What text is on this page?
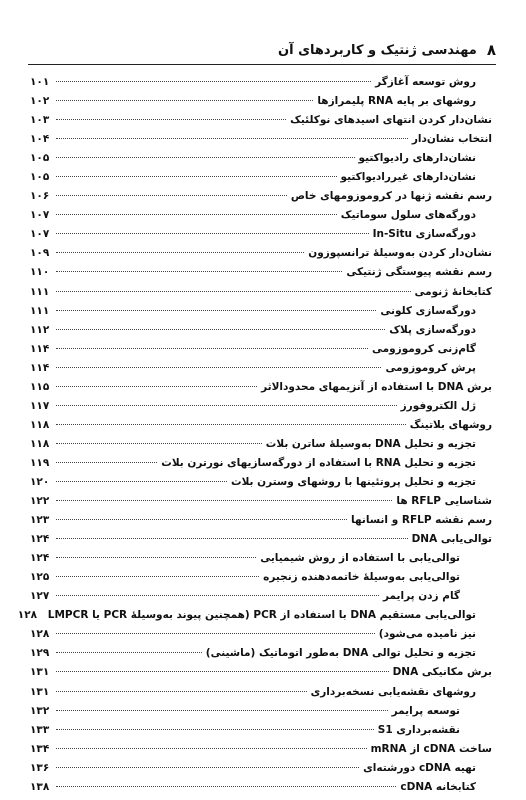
۸
مهندسی ژنتیک و کاربردهای آن
روش توسعه آغازگر
۱۰۱
روشهای بر پایه RNA پلیمرازها
۱۰۲
نشان‌دار کردن انتهای اسیدهای نوکلئیک
۱۰۳
انتخاب نشان‌دار
۱۰۴
نشان‌دارهای رادیواکتیو
۱۰۵
نشان‌دارهای غیررادیواکتیو
۱۰۵
رسم نقشه ژنها در کروموزومهای خاص
۱۰۶
دورگه‌های سلول سوماتیک
۱۰۷
دورگه‌سازی In-Situ
۱۰۷
نشان‌دار کردن به‌وسیلهٔ ترانسپوزون
۱۰۹
رسم نقشه پیوستگی ژنتیکی
۱۱۰
کتابخانهٔ ژنومی
۱۱۱
دورگه‌سازی کلونی
۱۱۱
دورگه‌سازی پلاک
۱۱۲
گام‌زنی کروموزومی
۱۱۴
پرش کروموزومی
۱۱۴
برش DNA با استفاده از آنزیمهای محدودالاثر
۱۱۵
ژل الکتروفورز
۱۱۷
روشهای بلاتینگ
۱۱۸
تجزیه و تحلیل DNA به‌وسیلهٔ ساترن بلات
۱۱۸
تجزیه و تحلیل RNA با استفاده از دورگه‌سازیهای نورترن بلات
۱۱۹
تجزیه و تحلیل پروتئینها با روشهای وسترن بلات
۱۲۰
شناسایی RFLP ها
۱۲۲
رسم نقشه RFLP و انسانها
۱۲۳
توالی‌یابی DNA
۱۲۴
توالی‌یابی با استفاده از روش شیمیایی
۱۲۴
توالی‌یابی به‌وسیلهٔ خاتمه‌دهنده زنجیره
۱۲۵
گام زدن پرایمر
۱۲۷
توالی‌یابی مستقیم DNA با استفاده از PCR (همچنین پیوند به‌وسیلهٔ PCR یا LMPCR
۱۲۸
نیز نامیده می‌شود)
۱۲۸
تجزیه و تحلیل توالی DNA به‌طور اتوماتیک (ماشینی)
۱۲۹
برش مکانیکی DNA
۱۳۱
روشهای نقشه‌یابی نسخه‌برداری
۱۳۱
توسعه پرایمر
۱۳۲
نقشه‌برداری S1
۱۳۳
ساخت cDNA از mRNA
۱۳۴
تهیه cDNA دورشته‌ای
۱۳۶
کتابخانه cDNA
۱۳۸
